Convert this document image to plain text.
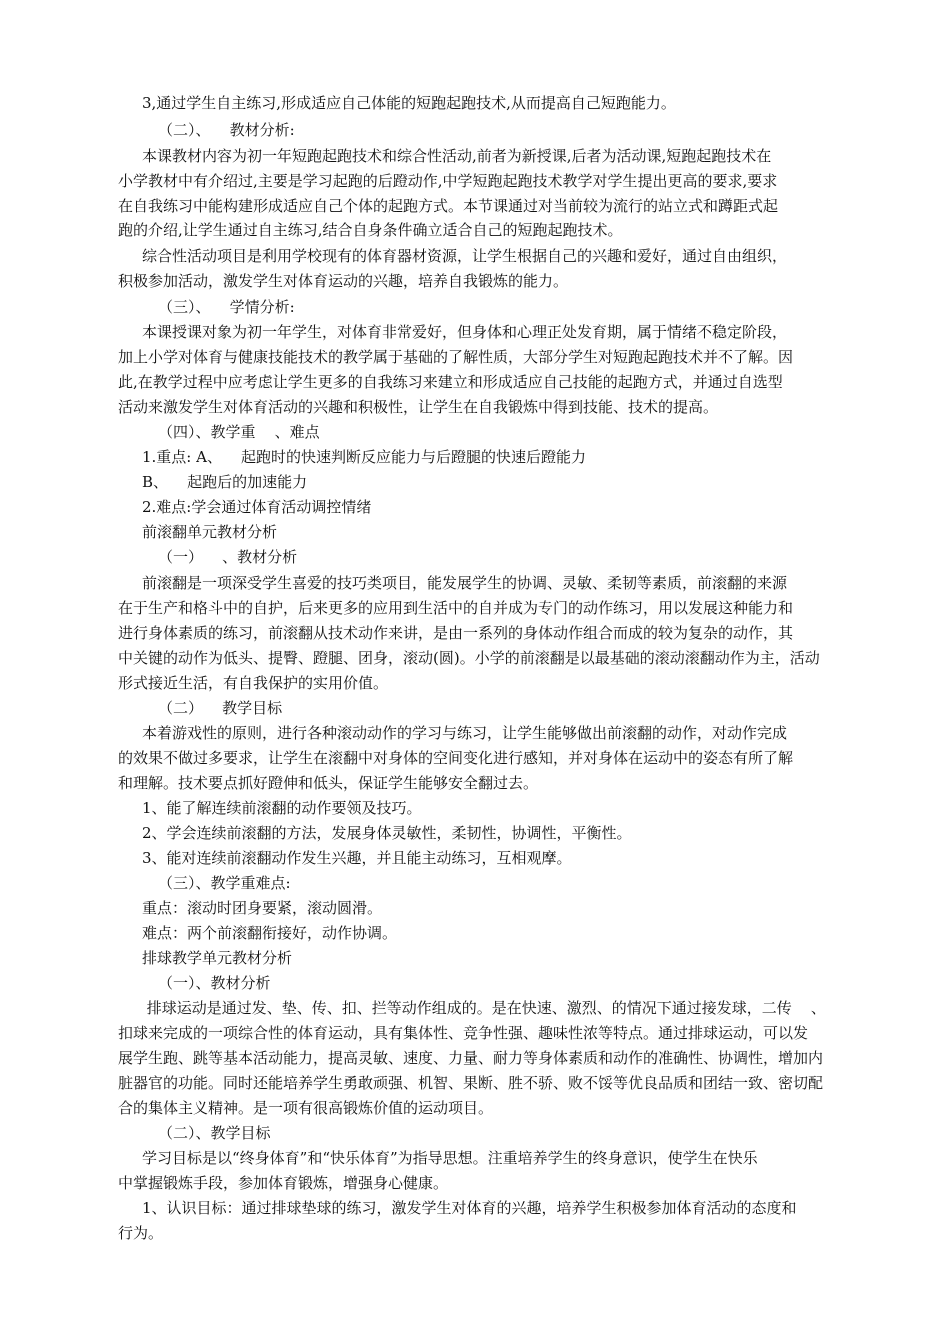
3,通过学生自主练习,形成适应自己体能的短跑起跑技术,从而提高自己短跑能力。
（二）、    教材分析:
本课教材内容为初一年短跑起跑技术和综合性活动,前者为新授课,后者为活动课,短跑起跑技术在
小学教材中有介绍过,主要是学习起跑的后蹬动作,中学短跑起跑技术教学对学生提出更高的要求,要求
在自我练习中能构建形成适应自己个体的起跑方式。本节课通过对当前较为流行的站立式和蹲距式起
跑的介绍,让学生通过自主练习,结合自身条件确立适合自己的短跑起跑技术。
综合性活动项目是利用学校现有的体育器材资源，让学生根据自己的兴趣和爱好，通过自由组织，
积极参加活动，激发学生对体育运动的兴趣，培养自我锻炼的能力。
（三）、    学情分析:
本课授课对象为初一年学生，对体育非常爱好，但身体和心理正处发育期，属于情绪不稳定阶段，
加上小学对体育与健康技能技术的教学属于基础的了解性质，大部分学生对短跑起跑技术并不了解。因
此,在教学过程中应考虑让学生更多的自我练习来建立和形成适应自己技能的起跑方式，并通过自选型
活动来激发学生对体育活动的兴趣和积极性，让学生在自我锻炼中得到技能、技术的提高。
（四）、教学重    、难点
1.重点: A、    起跑时的快速判断反应能力与后蹬腿的快速后蹬能力
B、    起跑后的加速能力
2.难点:学会通过体育活动调控情绪
前滚翻单元教材分析
（一）    、教材分析
前滚翻是一项深受学生喜爱的技巧类项目，能发展学生的协调、灵敏、柔韧等素质，前滚翻的来源
在于生产和格斗中的自护，后来更多的应用到生活中的自并成为专门的动作练习，用以发展这种能力和
进行身体素质的练习，前滚翻从技术动作来讲，是由一系列的身体动作组合而成的较为复杂的动作，其
中关键的动作为低头、提臀、蹬腿、团身，滚动(圆)。小学的前滚翻是以最基础的滚动滚翻动作为主，活动
形式接近生活，有自我保护的实用价值。
（二）    教学目标
本着游戏性的原则，进行各种滚动动作的学习与练习，让学生能够做出前滚翻的动作，对动作完成
的效果不做过多要求，让学生在滚翻中对身体的空间变化进行感知，并对身体在运动中的姿态有所了解
和理解。技术要点抓好蹬伸和低头，保证学生能够安全翻过去。
1、能了解连续前滚翻的动作要领及技巧。
2、学会连续前滚翻的方法，发展身体灵敏性，柔韧性，协调性，平衡性。
3、能对连续前滚翻动作发生兴趣，并且能主动练习，互相观摩。
（三）、教学重难点:
重点：滚动时团身要紧，滚动圆滑。
难点：两个前滚翻衔接好，动作协调。
排球教学单元教材分析
（一）、教材分析
排球运动是通过发、垫、传、扣、拦等动作组成的。是在快速、激烈、的情况下通过接发球，二传    、
扣球来完成的一项综合性的体育运动，具有集体性、竞争性强、趣味性浓等特点。通过排球运动，可以发
展学生跑、跳等基本活动能力，提高灵敏、速度、力量、耐力等身体素质和动作的准确性、协调性，增加内
脏器官的功能。同时还能培养学生勇敢顽强、机智、果断、胜不骄、败不馁等优良品质和团结一致、密切配
合的集体主义精神。是一项有很高锻炼价值的运动项目。
（二）、教学目标
学习目标是以“终身体育”和“快乐体育”为指导思想。注重培养学生的终身意识，使学生在快乐
中掌握锻炼手段，参加体育锻炼，增强身心健康。
1、认识目标：通过排球垫球的练习，激发学生对体育的兴趣，培养学生积极参加体育活动的态度和
行为。
